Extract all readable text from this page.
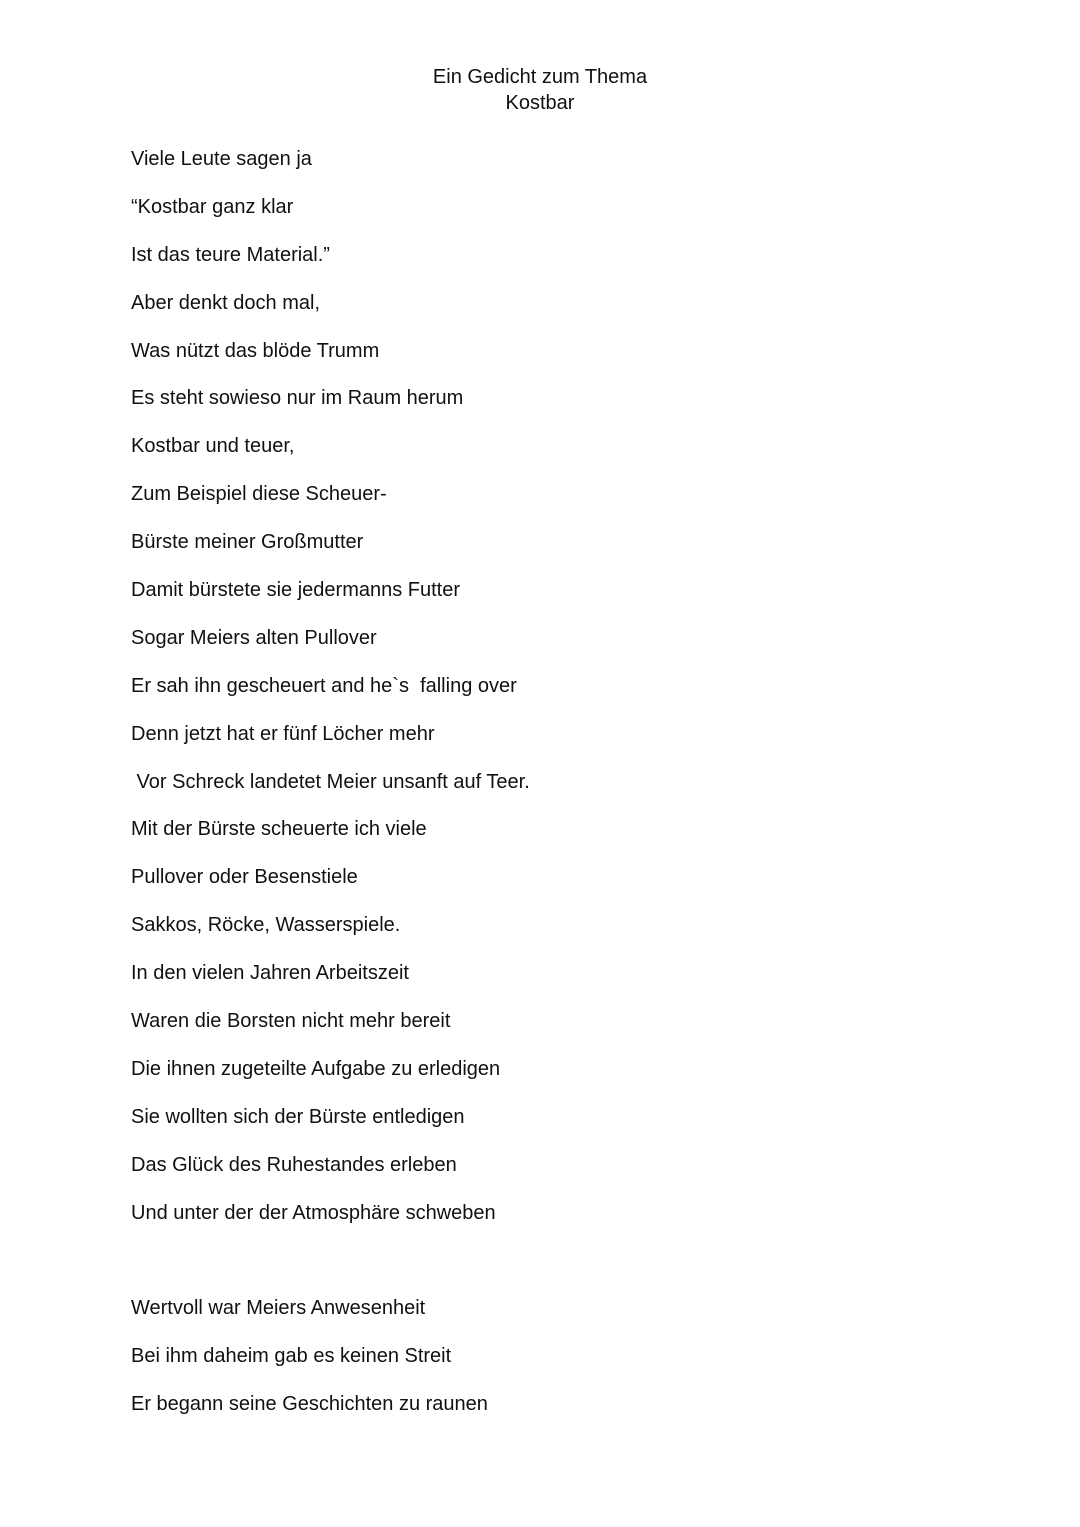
Ein Gedicht zum Thema
Kostbar
Viele Leute sagen ja
“Kostbar ganz klar
Ist das teure Material.”
Aber denkt doch mal,
Was nützt das blöde Trumm
Es steht sowieso nur im Raum herum
Kostbar und teuer,
Zum Beispiel diese Scheuer-
Bürste meiner Großmutter
Damit bürstete sie jedermanns Futter
Sogar Meiers alten Pullover
Er sah ihn gescheuert and he`s  falling over
Denn jetzt hat er fünf Löcher mehr
Vor Schreck landetet Meier unsanft auf Teer.
Mit der Bürste scheuerte ich viele
Pullover oder Besenstiele
Sakkos, Röcke, Wasserspiele.
In den vielen Jahren Arbeitszeit
Waren die Borsten nicht mehr bereit
Die ihnen zugeteilte Aufgabe zu erledigen
Sie wollten sich der Bürste entledigen
Das Glück des Ruhestandes erleben
Und unter der der Atmosphäre schweben
Wertvoll war Meiers Anwesenheit
Bei ihm daheim gab es keinen Streit
Er begann seine Geschichten zu raunen
